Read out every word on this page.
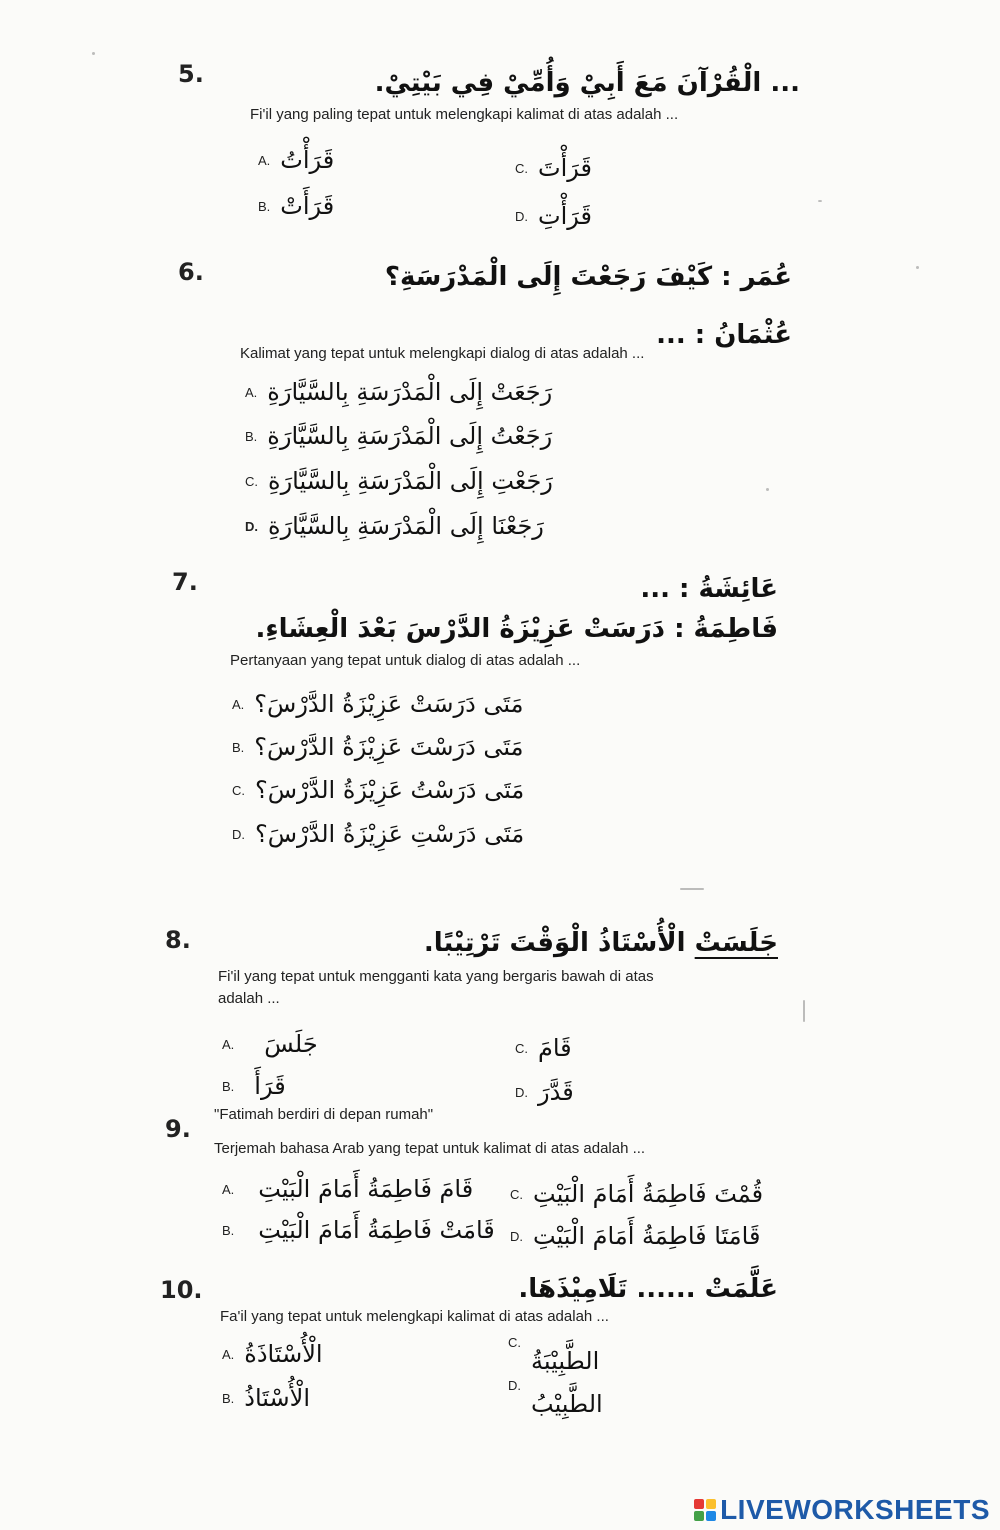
5.	... الْقُرْآنَ مَعَ أَبِيْ وَأُمِّيْ فِي بَيْتِيْ.
Fi'il yang paling tepat untuk melengkapi kalimat di atas adalah ...
A. قَرَأْتُ
B. قَرَأَتْ
C. قَرَأْتَ
D. قَرَأْتِ
6.	عُمَر : كَيْفَ رَجَعْتَ إِلَى الْمَدْرَسَةِ؟
عُثْمَانُ : ...
Kalimat yang tepat untuk melengkapi dialog di atas adalah ...
A. رَجَعَتْ إِلَى الْمَدْرَسَةِ بِالسَّيَّارَةِ
B. رَجَعْتُ إِلَى الْمَدْرَسَةِ بِالسَّيَّارَةِ
C. رَجَعْتِ إِلَى الْمَدْرَسَةِ بِالسَّيَّارَةِ
D. رَجَعْنَا إِلَى الْمَدْرَسَةِ بِالسَّيَّارَةِ
7.	عَائِشَةُ : ...
فَاطِمَةُ : دَرَسَتْ عَزِيْزَةُ الدَّرْسَ بَعْدَ الْعِشَاءِ.
Pertanyaan yang tepat untuk dialog di atas adalah ...
A. مَتَى دَرَسَتْ عَزِيْزَةُ الدَّرْسَ؟
B. مَتَى دَرَسْتَ عَزِيْزَةُ الدَّرْسَ؟
C. مَتَى دَرَسْتُ عَزِيْزَةُ الدَّرْسَ؟
D. مَتَى دَرَسْتِ عَزِيْزَةُ الدَّرْسَ؟
8.	جَلَسَتْ الْأُسْتَاذُ الْوَقْتَ تَرْتِيْبًا.
Fi'il yang tepat untuk mengganti kata yang bergaris bawah di atas
adalah ...
A. جَلَسَ
B. قَرَأَ
C. قَامَ
D. قَدَّرَ
9.
"Fatimah berdiri di depan rumah"
Terjemah bahasa Arab yang tepat untuk kalimat di atas adalah ...
A. قَامَ فَاطِمَةُ أَمَامَ الْبَيْتِ
B. قَامَتْ فَاطِمَةُ أَمَامَ الْبَيْتِ
C. قُمْتَ فَاطِمَةُ أَمَامَ الْبَيْتِ
D. قَامَتَا فَاطِمَةُ أَمَامَ الْبَيْتِ
10.	عَلَّمَتْ ...... تَلَامِيْذَهَا.
Fa'il yang tepat untuk melengkapi kalimat di atas adalah ...
A. الْأُسْتَاذَةُ
B. الْأُسْتَاذُ
C.
الطَّبِيْبَةُ
D.
الطَّبِيْبُ
LIVEWORKSHEETS
